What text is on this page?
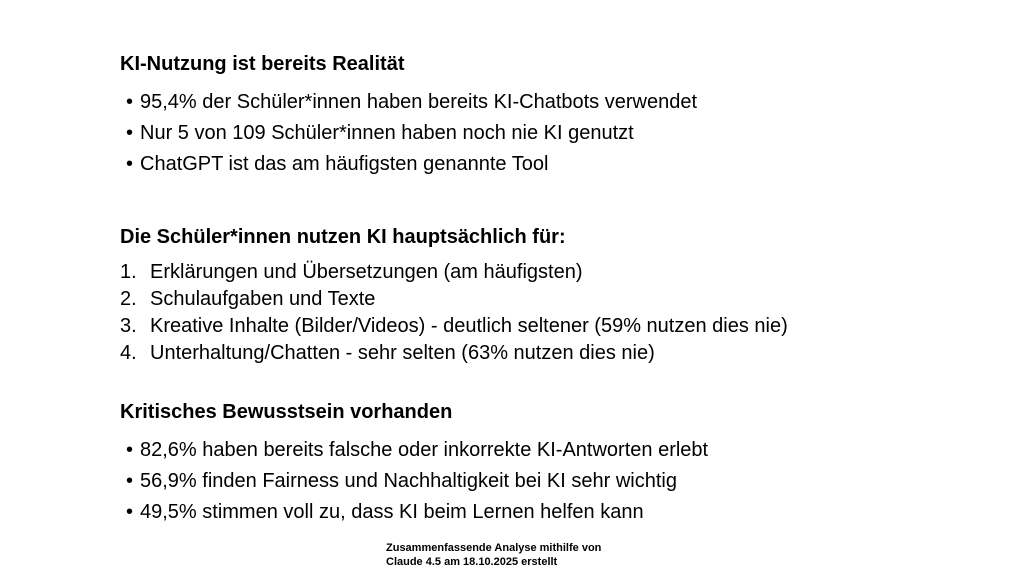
KI-Nutzung ist bereits Realität
• 95,4% der Schüler*innen haben bereits KI-Chatbots verwendet
• Nur 5 von 109 Schüler*innen haben noch nie KI genutzt
• ChatGPT ist das am häufigsten genannte Tool
Die Schüler*innen nutzen KI hauptsächlich für:
1. Erklärungen und Übersetzungen (am häufigsten)
2. Schulaufgaben und Texte
3. Kreative Inhalte (Bilder/Videos) - deutlich seltener (59% nutzen dies nie)
4. Unterhaltung/Chatten - sehr selten (63% nutzen dies nie)
Kritisches Bewusstsein vorhanden
• 82,6% haben bereits falsche oder inkorrekte KI-Antworten erlebt
• 56,9% finden Fairness und Nachhaltigkeit bei KI sehr wichtig
• 49,5% stimmen voll zu, dass KI beim Lernen helfen kann
Zusammenfassende Analyse mithilfe von
Claude 4.5 am 18.10.2025 erstellt
